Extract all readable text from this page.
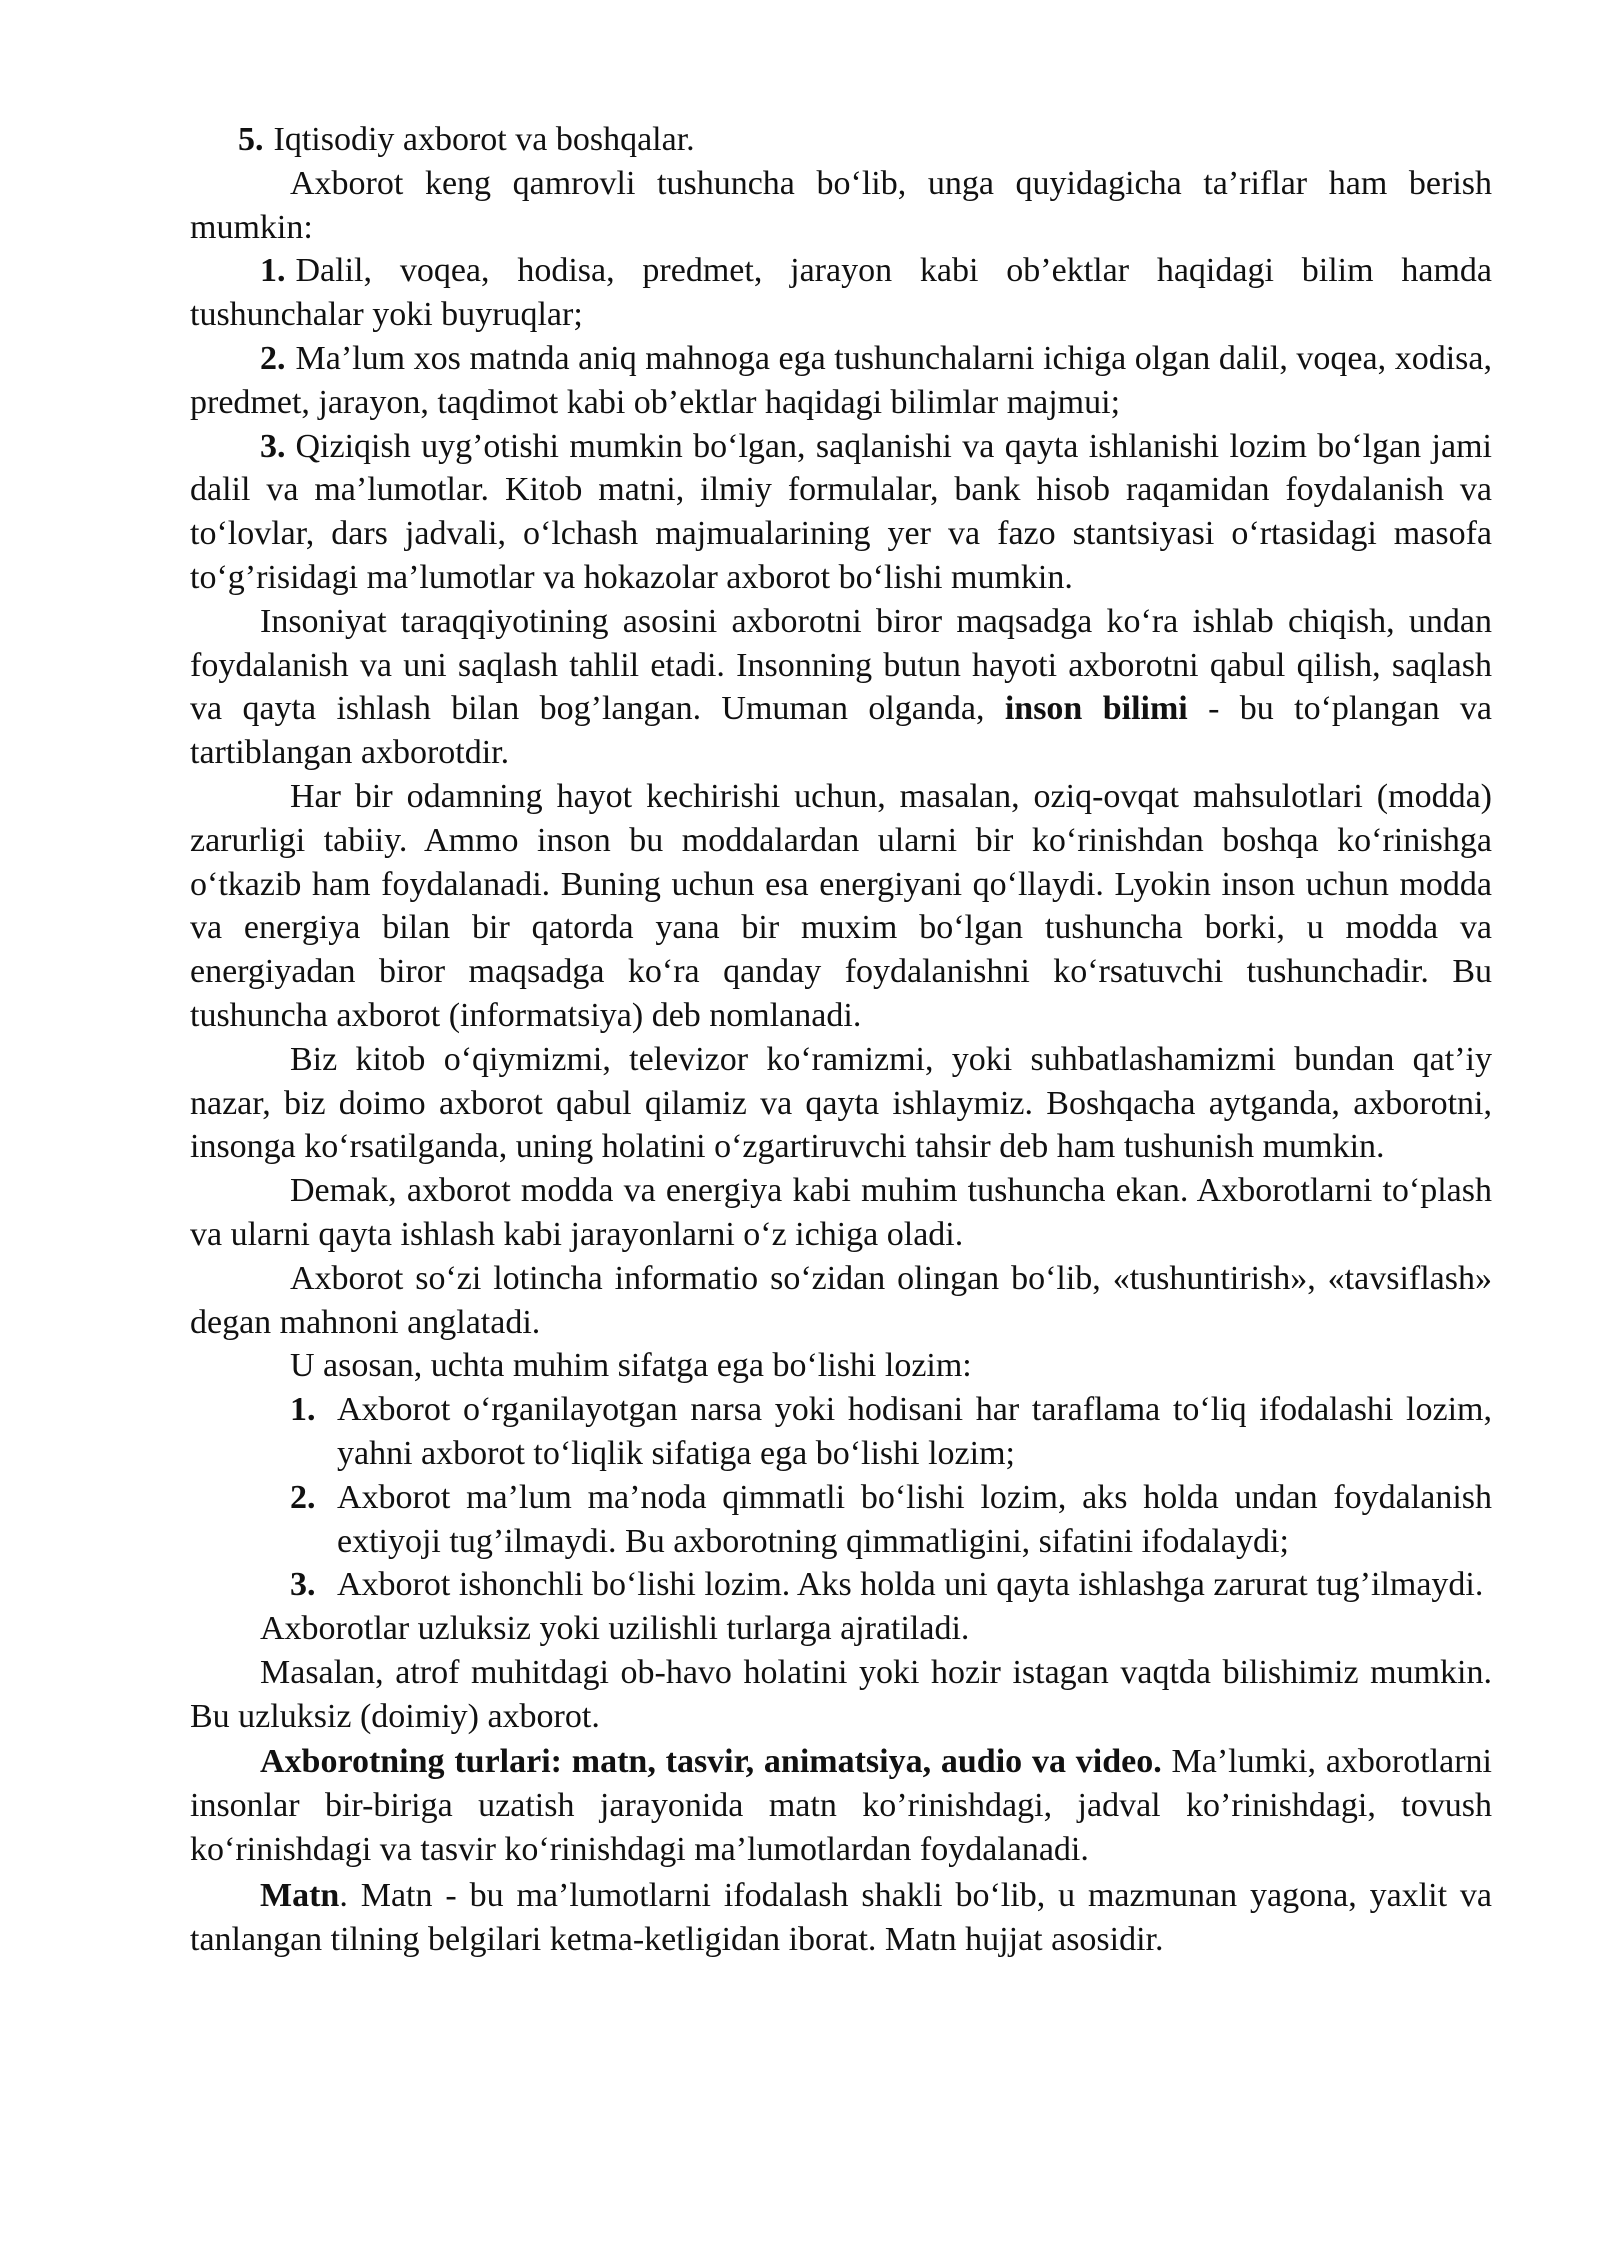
5. Iqtisodiy axborot va boshqalar.

Axborot keng qamrovli tushuncha bo‘lib, unga quyidagicha ta’riflar ham berish mumkin:

1. Dalil, voqea, hodisa, predmet, jarayon kabi ob’ektlar haqidagi bilim hamda tushunchalar yoki buyruqlar;

2. Ma’lum xos matnda aniq mahnoga ega tushunchalarni ichiga olgan dalil, voqea, xodisa, predmet, jarayon, taqdimot kabi ob’ektlar haqidagi bilimlar majmui;

3. Qiziqish uyg’otishi mumkin bo‘lgan, saqlanishi va qayta ishlanishi lozim bo‘lgan jami dalil va ma’lumotlar. Kitob matni, ilmiy formulalar, bank hisob raqamidan foydalanish va to‘lovlar, dars jadvali, o‘lchash majmualarining yer va fazo stantsiyasi o‘rtasidagi masofa to‘g’risidagi ma’lumotlar va hokazolar axborot bo‘lishi mumkin.

Insoniyat taraqqiyotining asosini axborotni biror maqsadga ko‘ra ishlab chiqish, undan foydalanish va uni saqlash tahlil etadi. Insonning butun hayoti axborotni qabul qilish, saqlash va qayta ishlash bilan bog’langan. Umuman olganda, inson bilimi - bu to‘plangan va tartiblangan axborotdir.

Har bir odamning hayot kechirishi uchun, masalan, oziq-ovqat mahsulotlari (modda) zarurligi tabiiy. Ammo inson bu moddalardan ularni bir ko‘rinishdan boshqa ko‘rinishga o‘tkazib ham foydalanadi. Buning uchun esa energiyani qo‘llaydi. Lyokin inson uchun modda va energiya bilan bir qatorda yana bir muxim bo‘lgan tushuncha borki, u modda va energiyadan biror maqsadga ko‘ra qanday foydalanishni ko‘rsatuvchi tushunchadir. Bu tushuncha axborot (informatsiya) deb nomlanadi.

Biz kitob o‘qiymizmi, televizor ko‘ramizmi, yoki suhbatlashamizmi bundan qat’iy nazar, biz doimo axborot qabul qilamiz va qayta ishlaymiz. Boshqacha aytganda, axborotni, insonga ko‘rsatilganda, uning holatini o‘zgartiruvchi tahsir deb ham tushunish mumkin.

Demak, axborot modda va energiya kabi muhim tushuncha ekan. Axborotlarni to‘plash va ularni qayta ishlash kabi jarayonlarni o‘z ichiga oladi.

Axborot so‘zi lotincha informatio so‘zidan olingan bo‘lib, «tushuntirish», «tavsiflash» degan mahnoni anglatadi.

U asosan, uchta muhim sifatga ega bo‘lishi lozim:

1. Axborot o‘rganilayotgan narsa yoki hodisani har taraflama to‘liq ifodalashi lozim, yahni axborot to‘liqlik sifatiga ega bo‘lishi lozim;
2. Axborot ma’lum ma’noda qimmatli bo‘lishi lozim, aks holda undan foydalanish extiyoji tug’ilmaydi. Bu axborotning qimmatligini, sifatini ifodalaydi;
3. Axborot ishonchli bo‘lishi lozim. Aks holda uni qayta ishlashga zarurat tug’ilmaydi.

Axborotlar uzluksiz yoki uzilishli turlarga ajratiladi.

Masalan, atrof muhitdagi ob-havo holatini yoki hozir istagan vaqtda bilishimiz mumkin. Bu uzluksiz (doimiy) axborot.

Axborotning turlari: matn, tasvir, animatsiya, audio va video. Ma’lumki, axborotlarni insonlar bir-biriga uzatish jarayonida matn ko’rinishdagi, jadval ko’rinishdagi, tovush ko‘rinishdagi va tasvir ko‘rinishdagi ma’lumotlardan foydalanadi.

Matn. Matn - bu ma’lumotlarni ifodalash shakli bo‘lib, u mazmunan yagona, yaxlit va tanlangan tilning belgilari ketma-ketligidan iborat. Matn hujjat asosidir.
